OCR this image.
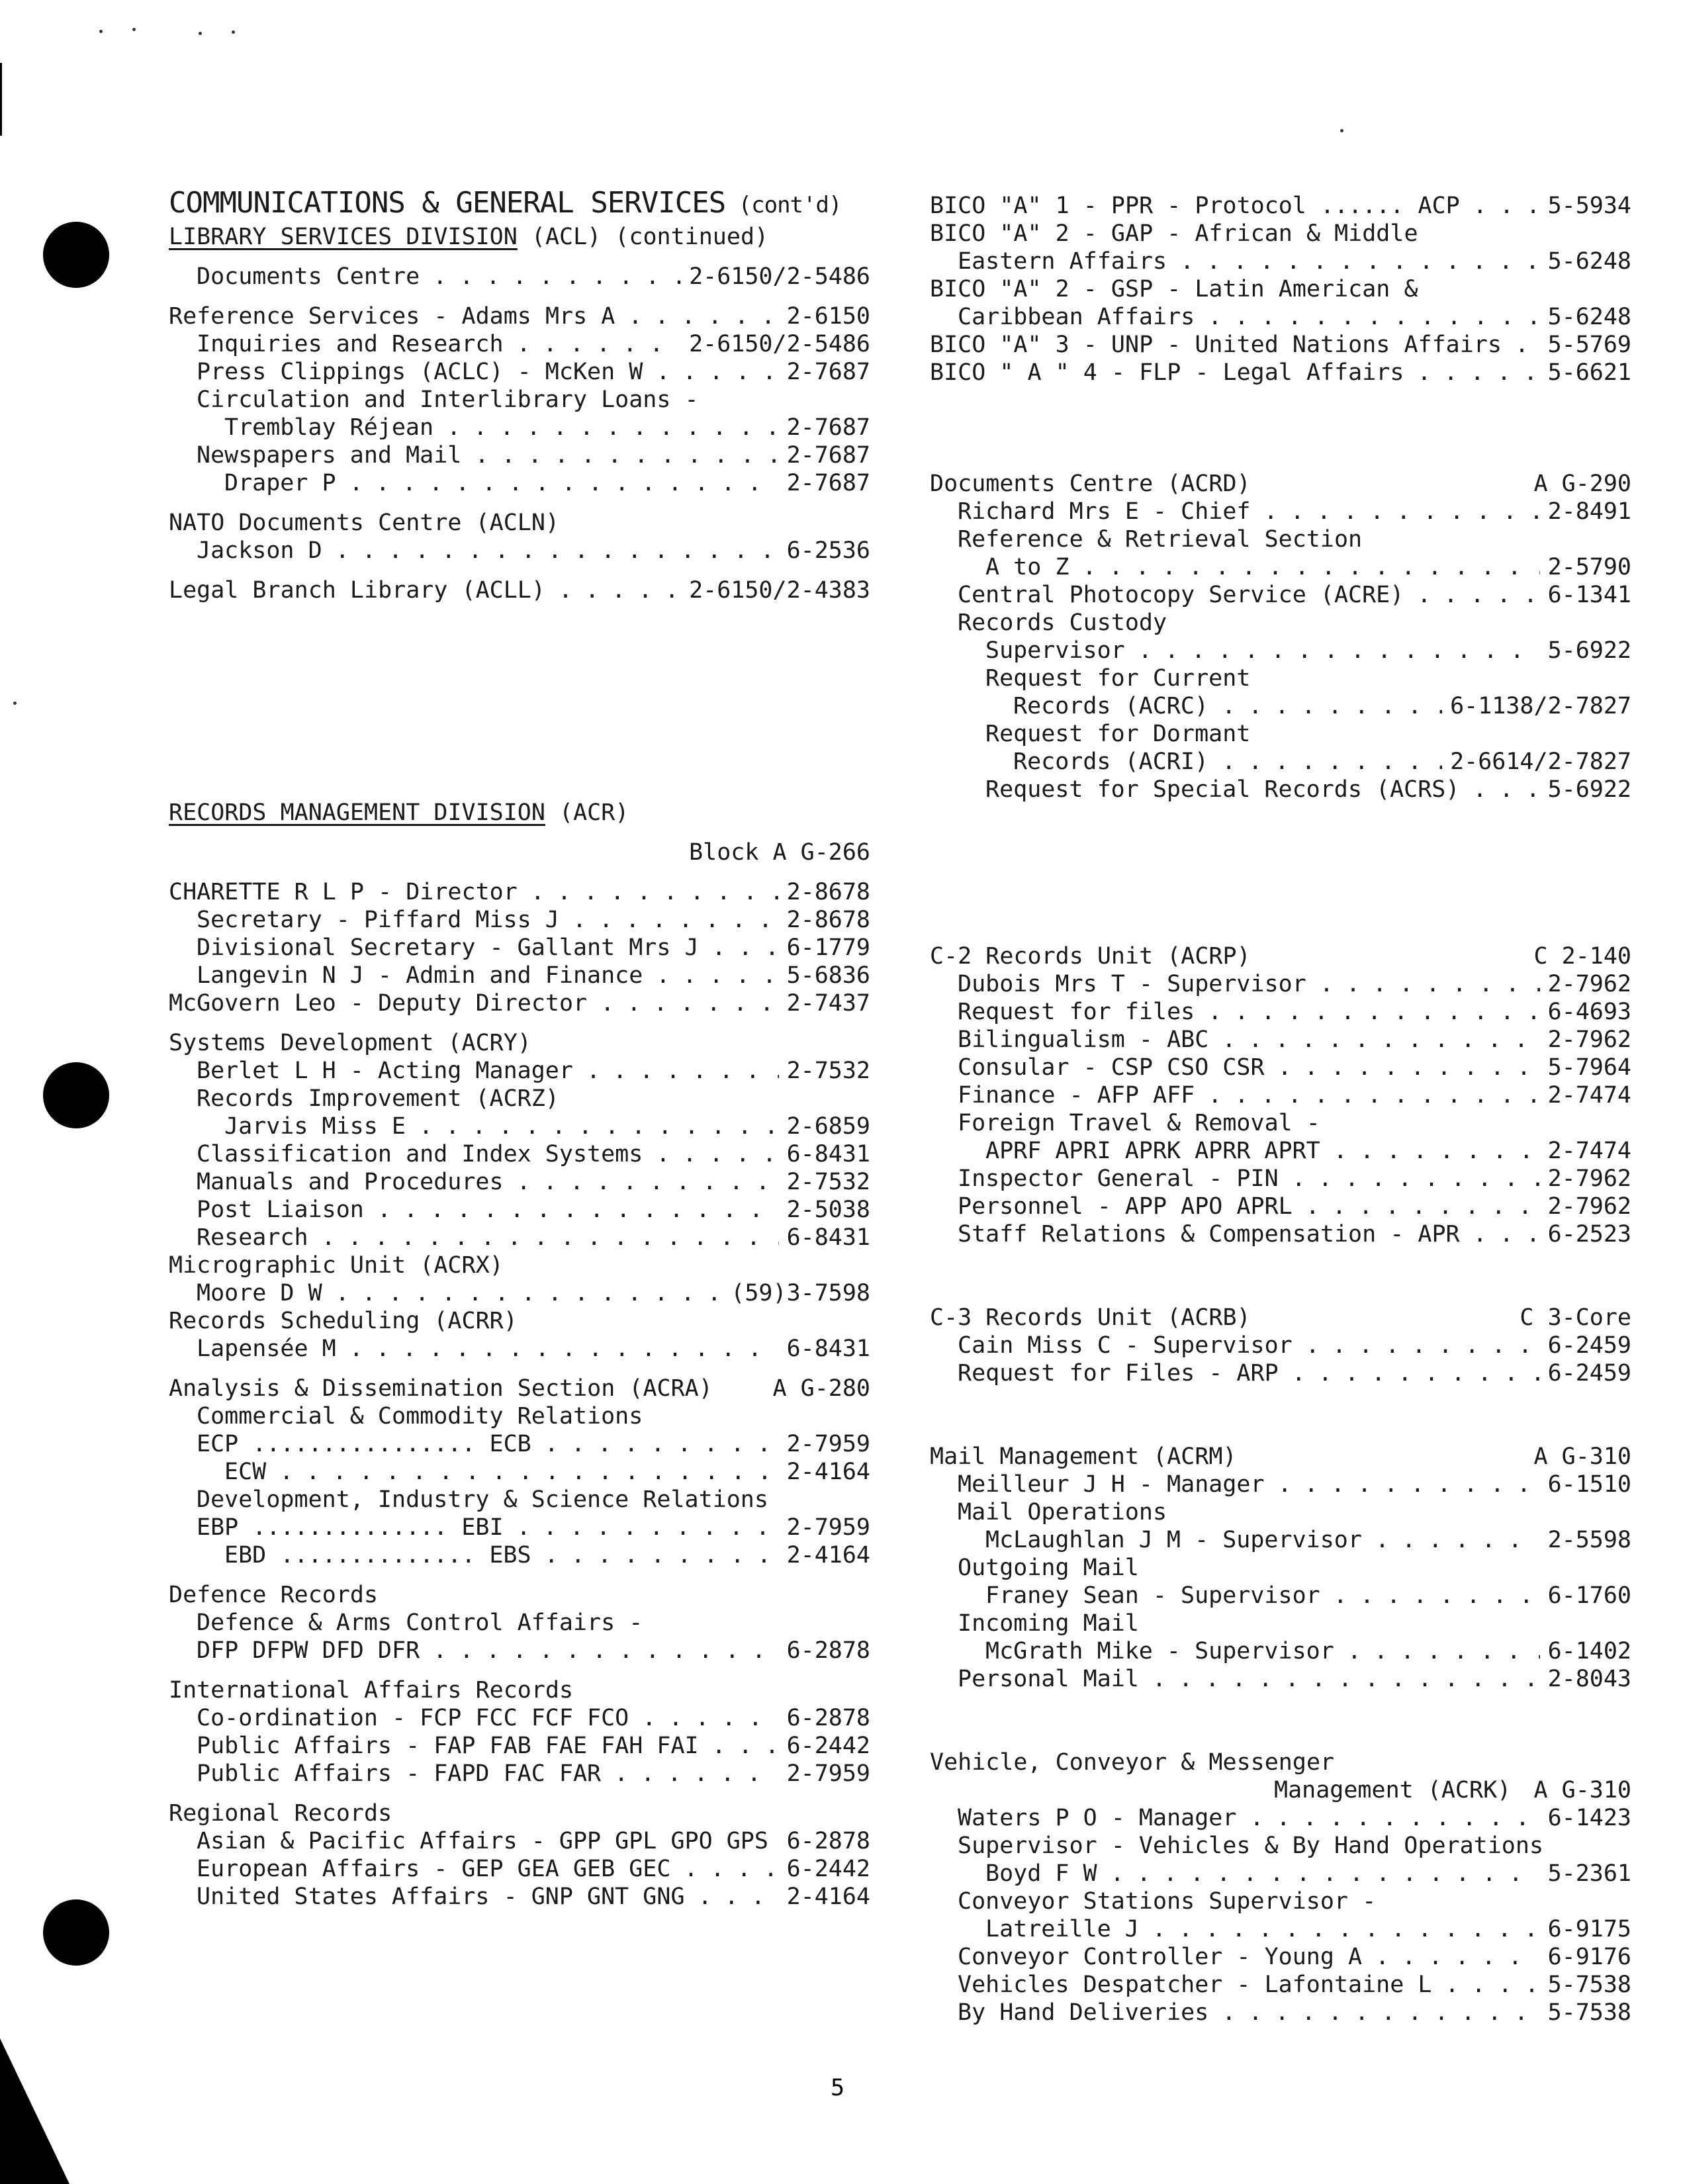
COMMUNICATIONS & GENERAL SERVICES (cont'd)
LIBRARY SERVICES DIVISION (ACL) (continued)
Documents Centre . . .	2-6150/2-5486
Reference Services - Adams Mrs A . . .	2-6150
Inquiries and Research . . .	2-6150/2-5486
Press Clippings (ACLC) - McKen W . . .	2-7687
Circulation and Interlibrary Loans -
Tremblay Réjean . . .	2-7687
Newspapers and Mail . . .	2-7687
Draper P . . .	2-7687
NATO Documents Centre (ACLN)
Jackson D . . .	6-2536
Legal Branch Library (ACLL) . . .	2-6150/2-4383
RECORDS MANAGEMENT DIVISION (ACR)
Block A G-266
CHARETTE R L P - Director . . .	2-8678
Secretary - Piffard Miss J . . .	2-8678
Divisional Secretary - Gallant Mrs J . . .	6-1779
Langevin N J - Admin and Finance . . .	5-6836
McGovern Leo - Deputy Director . . .	2-7437
Systems Development (ACRY)
Berlet L H - Acting Manager . . .	2-7532
Records Improvement (ACRZ)
Jarvis Miss E . . .	2-6859
Classification and Index Systems . . .	6-8431
Manuals and Procedures . . .	2-7532
Post Liaison . . .	2-5038
Research . . .	6-8431
Micrographic Unit (ACRX)
Moore D W . . .	(59)3-7598
Records Scheduling (ACRR)
Lapensée M . . .	6-8431
Analysis & Dissemination Section (ACRA)	A G-280
Commercial & Commodity Relations
ECP ................ ECB . . .	2-7959
ECW . . .	2-4164
Development, Industry & Science Relations
EBP .............. EBI . . .	2-7959
EBD .............. EBS . . .	2-4164
Defence Records
Defence & Arms Control Affairs -
DFP DFPW DFD DFR . . .	6-2878
International Affairs Records
Co-ordination - FCP FCC FCF FCO . . .	6-2878
Public Affairs - FAP FAB FAE FAH FAI . . .	6-2442
Public Affairs - FAPD FAC FAR . . .	2-7959
Regional Records
Asian & Pacific Affairs - GPP GPL GPO GPS 6-2878
European Affairs - GEP GEA GEB GEC . . .	6-2442
United States Affairs - GNP GNT GNG . . .	2-4164
BICO "A" 1 - PPR - Protocol ...... ACP . . .	5-5934
BICO "A" 2 - GAP - African & Middle
Eastern Affairs . . .	5-6248
BICO "A" 2 - GSP - Latin American &
Caribbean Affairs . . .	5-6248
BICO "A" 3 - UNP - United Nations Affairs . . .	5-5769
BICO " A " 4 - FLP - Legal Affairs . . .	5-6621
Documents Centre (ACRD)	A G-290
Richard Mrs E - Chief . . .	2-8491
Reference & Retrieval Section
A to Z . . .	2-5790
Central Photocopy Service (ACRE) . . .	6-1341
Records Custody
Supervisor . . .	5-6922
Request for Current
Records (ACRC) . . .	6-1138/2-7827
Request for Dormant
Records (ACRI) . . .	2-6614/2-7827
Request for Special Records (ACRS) . . .	5-6922
C-2 Records Unit (ACRP)	C 2-140
Dubois Mrs T - Supervisor . . .	2-7962
Request for files . . .	6-4693
Bilingualism - ABC . . .	2-7962
Consular - CSP CSO CSR . . .	5-7964
Finance - AFP AFF . . .	2-7474
Foreign Travel & Removal -
APRF APRI APRK APRR APRT . . .	2-7474
Inspector General - PIN . . .	2-7962
Personnel - APP APO APRL . . .	2-7962
Staff Relations & Compensation - APR . . .	6-2523
C-3 Records Unit (ACRB)	C 3-Core
Cain Miss C - Supervisor . . .	6-2459
Request for Files - ARP . . .	6-2459
Mail Management (ACRM)	A G-310
Meilleur J H - Manager . . .	6-1510
Mail Operations
McLaughlan J M - Supervisor . . .	2-5598
Outgoing Mail
Franey Sean - Supervisor . . .	6-1760
Incoming Mail
McGrath Mike - Supervisor . . .	6-1402
Personal Mail . . .	2-8043
Vehicle, Conveyor & Messenger
Management (ACRK) A G-310
Waters P O - Manager . . .	6-1423
Supervisor - Vehicles & By Hand Operations
Boyd F W . . .	5-2361
Conveyor Stations Supervisor -
Latreille J . . .	6-9175
Conveyor Controller - Young A . . .	6-9176
Vehicles Despatcher - Lafontaine L . . .	5-7538
By Hand Deliveries . . .	5-7538
5
